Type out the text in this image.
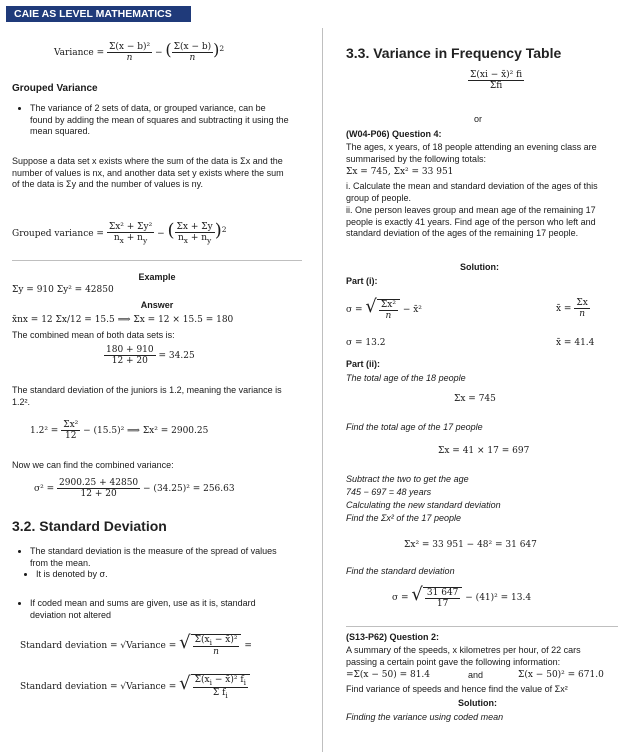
CAIE AS LEVEL MATHEMATICS
Variance = $\frac{\text{Σ(x − b)²}}{n}$ − ( $\frac{\Sigma(x - b)}{n} )^2$
Grouped Variance
• The variance of 2 sets of data, or grouped variance, can be found by adding the mean of squares and subtracting it using the mean squared.

Suppose a data set x exists where the sum of the data is Σx and the number of values is nx, and another data set y exists where the sum of the data is Σy and the number of values is ny.

Grouped variance = $\frac{\text{Σx² + Σy²}}{n_x + n_y}$ − ( $\frac{\Sigma x + \Sigma y}{n_x + n_y} )^2$
Example
Σy = 910 Σy² = 42850
Answer
x̄nx = 12 Σx/12 = 15.5 ⟹ Σx = 12 × 15.5 = 180
The combined mean of both data sets is:
$\frac{180 + 910}{12 + 20} = 34.25$

The standard deviation of the juniors is 1.2, meaning the variance is 1.2².

$1.2^2 = \frac{\text{Σx²}}{12} - (15.5)^2$ ⟹ Σx² = 2900.25
Now we can find the combined variance:
$\sigma^2 = \frac{2900.25 + 42850}{12 + 20} - (34.25)^2 = 256.63$
3.2. Standard Deviation
• The standard deviation is the measure of the spread of values from the mean.
• It is denoted by σ.
• If coded mean and sums are given, use as it is, standard deviation not altered
Standard deviation = √Variance = √ $\frac{\Sigma(x_i - x̄)^2}{n}$ =
Standard deviation = √Variance = √ $\frac{\Sigma(x_i - x̄)^2 f_i}{\Sigma f_i}$
3.3. Variance in Frequency Table
$\frac{\text{Σ(xi − x̄)² fi}}{\text{Σfi}}$
or
(W04-P06) Question 4:

The ages, x years, of 18 people attending an evening class are summarised by the following totals:

Σx = 745, Σx² = 33 951

i. Calculate the mean and standard deviation of the ages of this group of people.

ii. One person leaves group and mean age of the remaining 17 people is exactly 41 years. Find age of the person who left and standard deviation of the ages of the remaining 17 people.

Solution:
Part (i):
σ = √ $\frac{\text{Σx²}}{n}$ − x̄²	x̄ = $\frac{\Sigma x}{n}$
σ = 13.2	x̄ = 41.4
Part (ii):
The total age of the 18 people
Σx = 745
Find the total age of the 17 people
Σx = 41 × 17 = 697
Subtract the two to get the age
745 − 697 = 48 years
Calculating the new standard deviation
Find the Σx² of the 17 people
Σx² = 33 951 − 48² = 31 647
Find the standard deviation
σ = √ $\frac{31 647}{17} - (41)^2 = 13.4$
(S13-P62) Question 2:

A summary of the speeds, x kilometres per hour, of 22 cars passing a certain point gave the following information:

=Σ(x − 50) = 81.4	and	Σ(x − 50)² = 671.0
Find variance of speeds and hence find the value of Σx²
Solution:
Finding the variance using coded mean
